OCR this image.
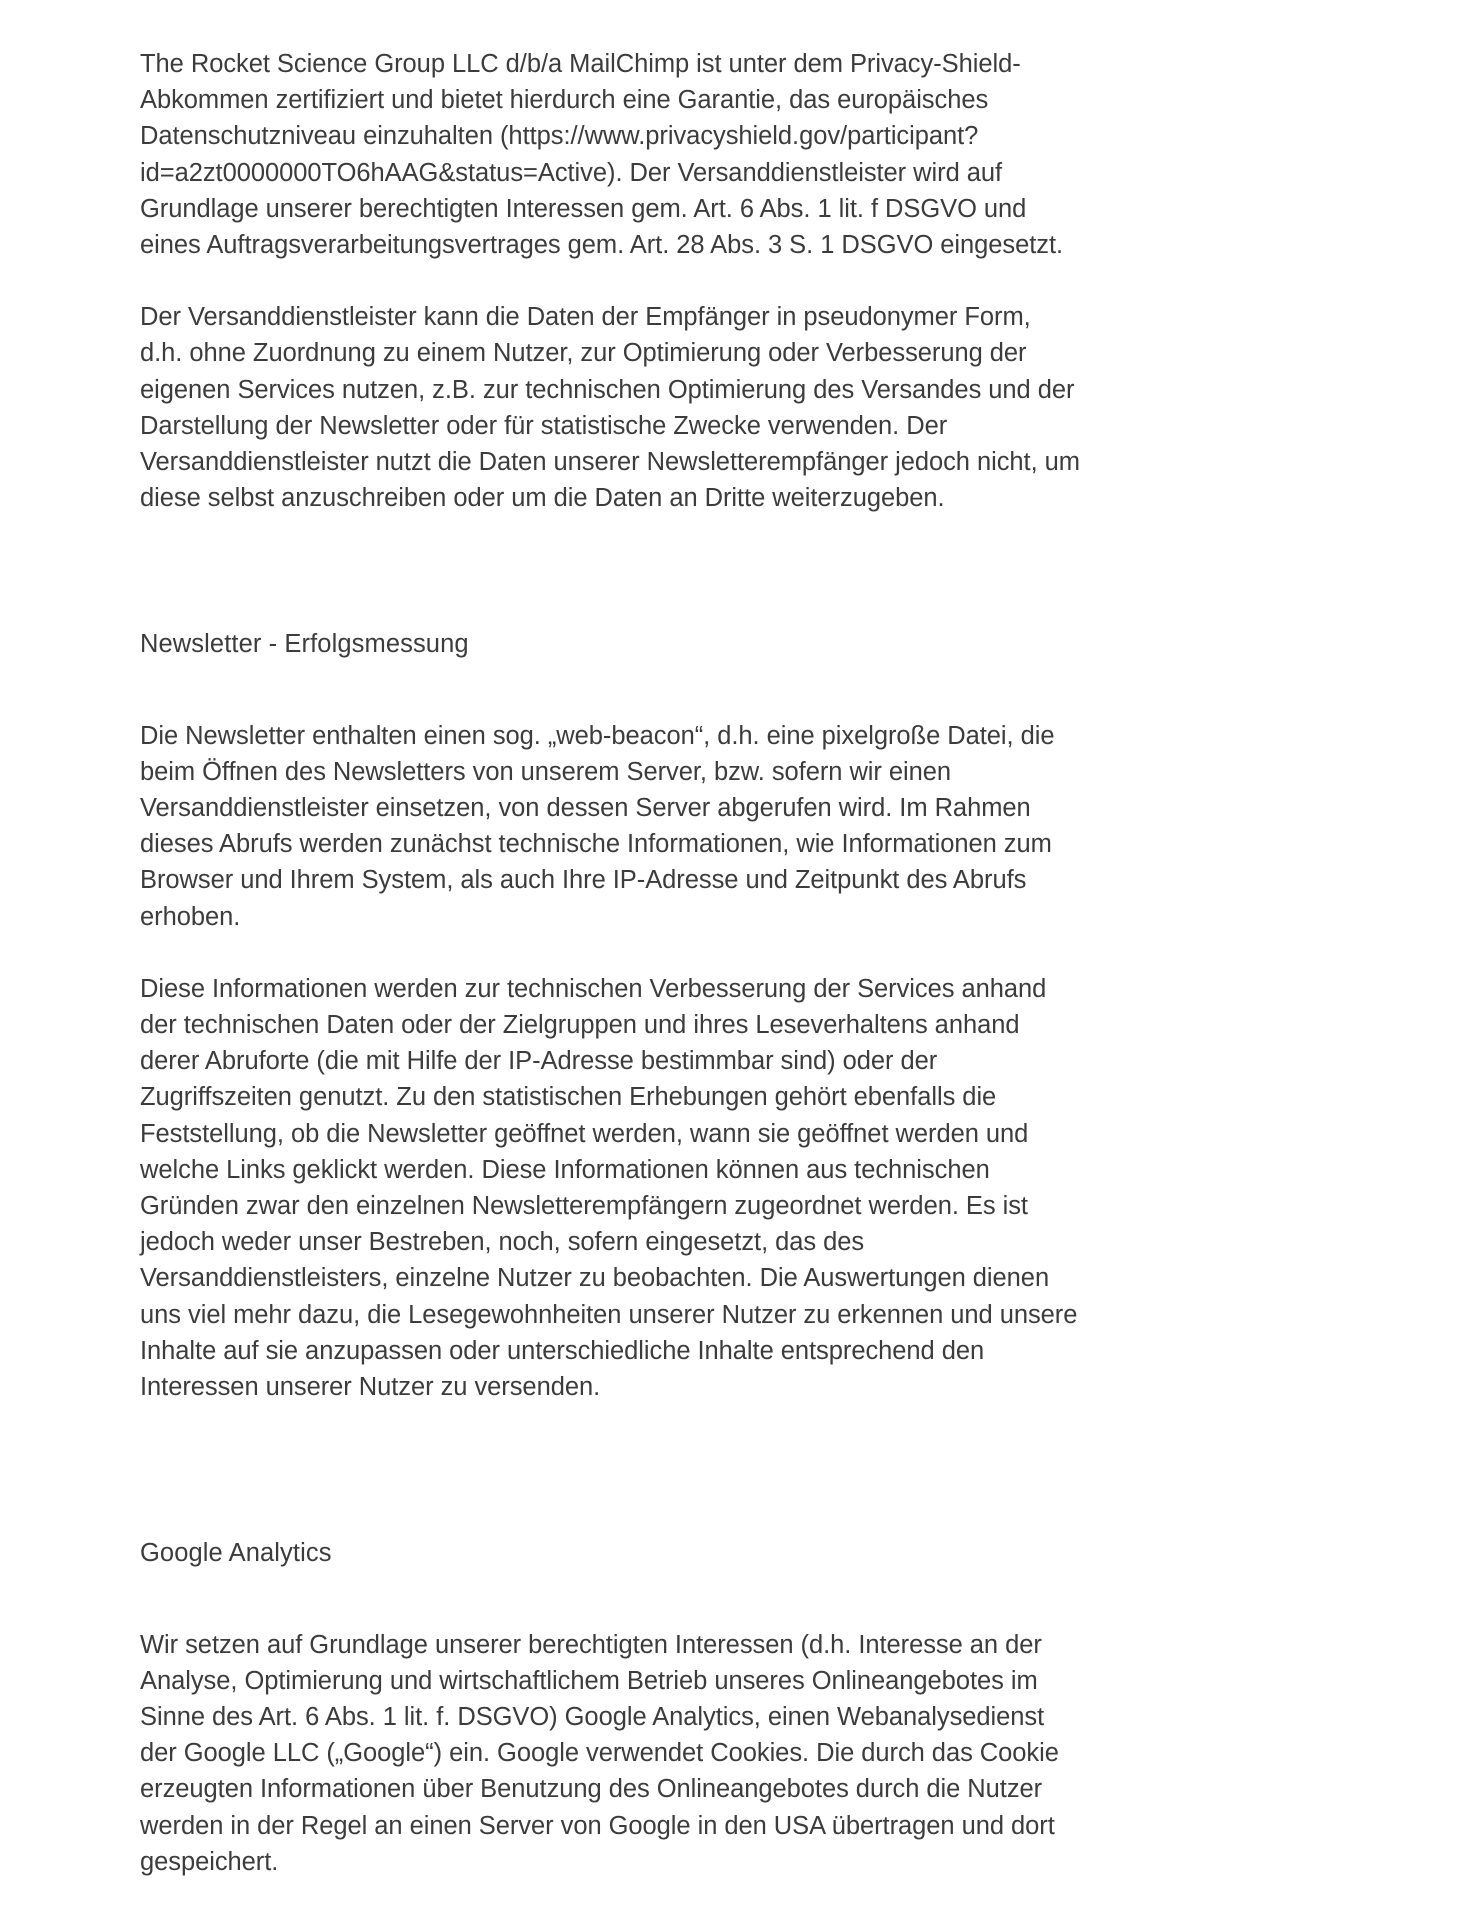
The Rocket Science Group LLC d/b/a MailChimp ist unter dem Privacy-Shield-Abkommen zertifiziert und bietet hierdurch eine Garantie, das europäisches Datenschutzniveau einzuhalten (https://www.privacyshield.gov/participant?id=a2zt0000000TO6hAAG&status=Active). Der Versanddienstleister wird auf Grundlage unserer berechtigten Interessen gem. Art. 6 Abs. 1 lit. f DSGVO und eines Auftragsverarbeitungsvertrages gem. Art. 28 Abs. 3 S. 1 DSGVO eingesetzt.

Der Versanddienstleister kann die Daten der Empfänger in pseudonymer Form, d.h. ohne Zuordnung zu einem Nutzer, zur Optimierung oder Verbesserung der eigenen Services nutzen, z.B. zur technischen Optimierung des Versandes und der Darstellung der Newsletter oder für statistische Zwecke verwenden. Der Versanddienstleister nutzt die Daten unserer Newsletterempfänger jedoch nicht, um diese selbst anzuschreiben oder um die Daten an Dritte weiterzugeben.

Newsletter - Erfolgsmessung

Die Newsletter enthalten einen sog. „web-beacon“, d.h. eine pixelgroße Datei, die beim Öffnen des Newsletters von unserem Server, bzw. sofern wir einen Versanddienstleister einsetzen, von dessen Server abgerufen wird. Im Rahmen dieses Abrufs werden zunächst technische Informationen, wie Informationen zum Browser und Ihrem System, als auch Ihre IP-Adresse und Zeitpunkt des Abrufs erhoben.

Diese Informationen werden zur technischen Verbesserung der Services anhand der technischen Daten oder der Zielgruppen und ihres Leseverhaltens anhand derer Abruforte (die mit Hilfe der IP-Adresse bestimmbar sind) oder der Zugriffszeiten genutzt. Zu den statistischen Erhebungen gehört ebenfalls die Feststellung, ob die Newsletter geöffnet werden, wann sie geöffnet werden und welche Links geklickt werden. Diese Informationen können aus technischen Gründen zwar den einzelnen Newsletterempfängern zugeordnet werden. Es ist jedoch weder unser Bestreben, noch, sofern eingesetzt, das des Versanddienstleisters, einzelne Nutzer zu beobachten. Die Auswertungen dienen uns viel mehr dazu, die Lesegewohnheiten unserer Nutzer zu erkennen und unsere Inhalte auf sie anzupassen oder unterschiedliche Inhalte entsprechend den Interessen unserer Nutzer zu versenden.

Google Analytics

Wir setzen auf Grundlage unserer berechtigten Interessen (d.h. Interesse an der Analyse, Optimierung und wirtschaftlichem Betrieb unseres Onlineangebotes im Sinne des Art. 6 Abs. 1 lit. f. DSGVO) Google Analytics, einen Webanalysedienst der Google LLC („Google“) ein. Google verwendet Cookies. Die durch das Cookie erzeugten Informationen über Benutzung des Onlineangebotes durch die Nutzer werden in der Regel an einen Server von Google in den USA übertragen und dort gespeichert.
